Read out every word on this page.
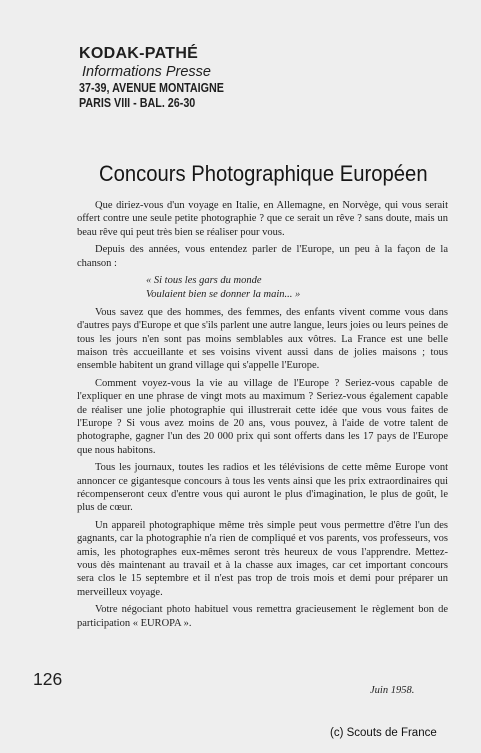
KODAK-PATHÉ
Informations Presse
37-39, AVENUE MONTAIGNE
PARIS VIII - BAL. 26-30
Concours Photographique Européen

Que diriez-vous d'un voyage en Italie, en Allemagne, en Norvège, qui vous serait offert contre une seule petite photographie ? que ce serait un rêve ? sans doute, mais un beau rêve qui peut très bien se réaliser pour vous.

Depuis des années, vous entendez parler de l'Europe, un peu à la façon de la chanson :

« Si tous les gars du monde
Voulaient bien se donner la main... »

Vous savez que des hommes, des femmes, des enfants vivent comme vous dans d'autres pays d'Europe et que s'ils parlent une autre langue, leurs joies ou leurs peines de tous les jours n'en sont pas moins semblables aux vôtres. La France est une belle maison très accueillante et ses voisins vivent aussi dans de jolies maisons ; tous ensemble habitent un grand village qui s'appelle l'Europe.

Comment voyez-vous la vie au village de l'Europe ? Seriez-vous capable de l'expliquer en une phrase de vingt mots au maximum ? Seriez-vous également capable de réaliser une jolie photographie qui illustrerait cette idée que vous vous faites de l'Europe ? Si vous avez moins de 20 ans, vous pouvez, à l'aide de votre talent de photographe, gagner l'un des 20 000 prix qui sont offerts dans les 17 pays de l'Europe que nous habitons.

Tous les journaux, toutes les radios et les télévisions de cette même Europe vont annoncer ce gigantesque concours à tous les vents ainsi que les prix extraordinaires qui récompenseront ceux d'entre vous qui auront le plus d'imagination, le plus de goût, le plus de cœur.

Un appareil photographique même très simple peut vous permettre d'être l'un des gagnants, car la photographie n'a rien de compliqué et vos parents, vos professeurs, vos amis, les photographes eux-mêmes seront très heureux de vous l'apprendre. Mettez-vous dès maintenant au travail et à la chasse aux images, car cet important concours sera clos le 15 septembre et il n'est pas trop de trois mois et demi pour préparer un merveilleux voyage.

Votre négociant photo habituel vous remettra gracieusement le règlement bon de participation « EUROPA ».

126
Juin 1958.
(c) Scouts de France
